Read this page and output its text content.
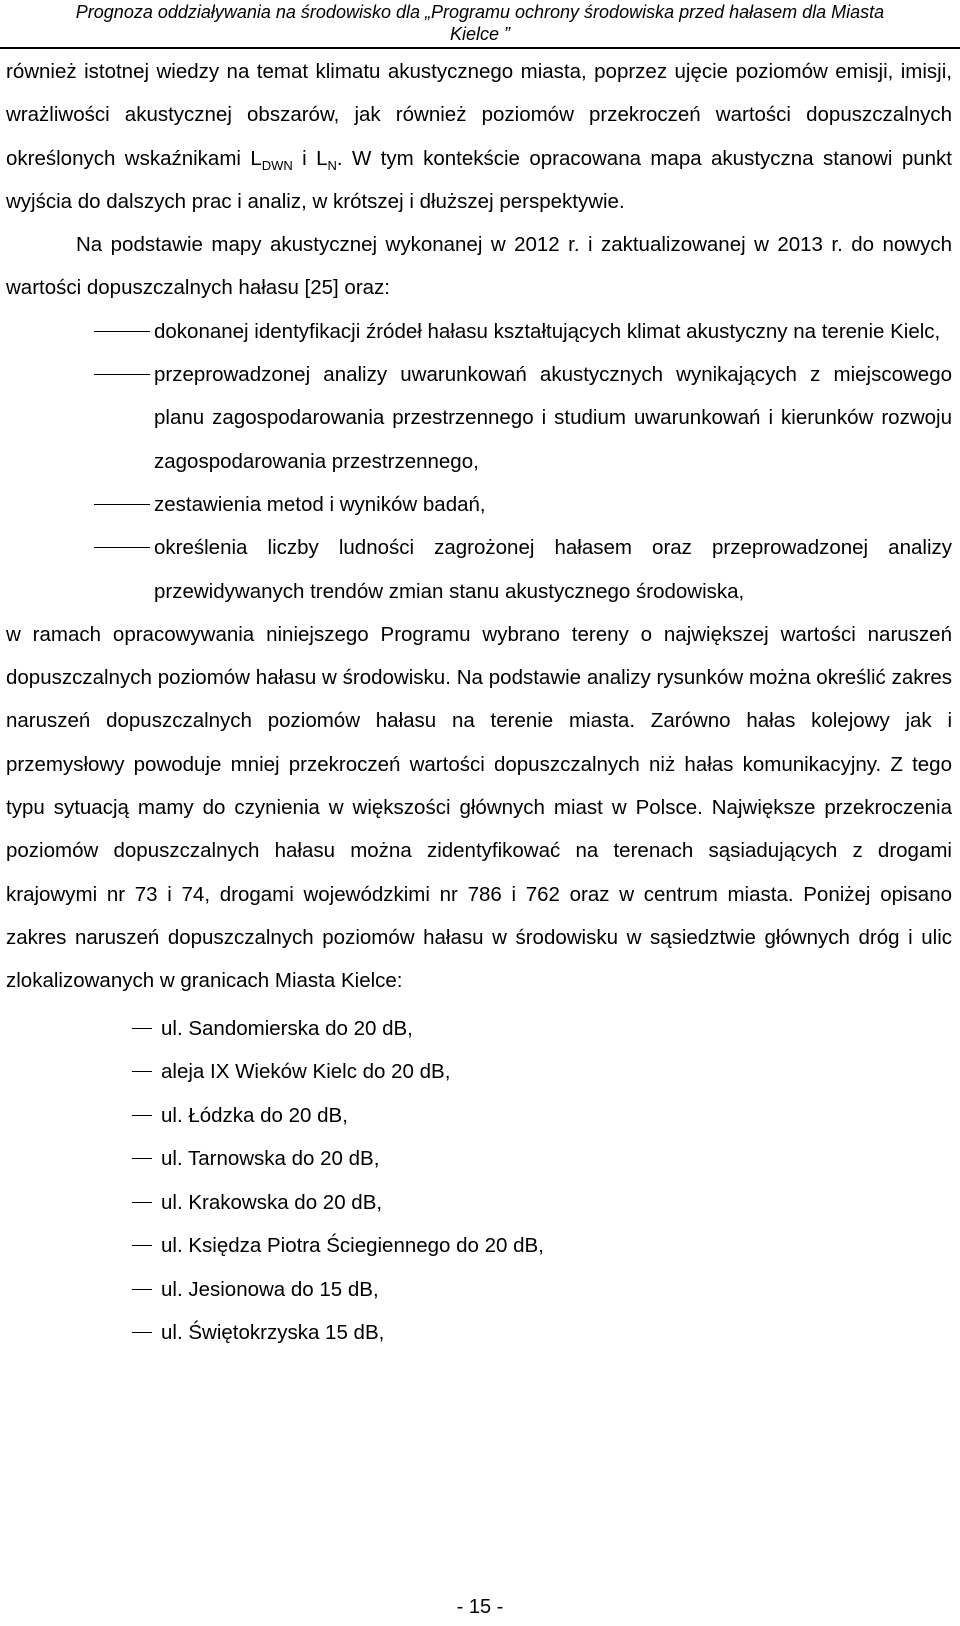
Prognoza oddziaływania na środowisko dla „Programu ochrony środowiska przed hałasem dla Miasta
Kielce ”

również istotnej wiedzy na temat klimatu akustycznego miasta, poprzez ujęcie poziomów emisji, imisji, wrażliwości akustycznej obszarów, jak również poziomów przekroczeń wartości dopuszczalnych określonych wskaźnikami $L_{DWN}$ i $L_N$. W tym kontekście opracowana mapa akustyczna stanowi punkt wyjścia do dalszych prac i analiz, w krótszej i dłuższej perspektywie.

Na podstawie mapy akustycznej wykonanej w 2012 r. i zaktualizowanej w 2013 r. do nowych wartości dopuszczalnych hałasu [25] oraz:

dokonanej identyfikacji źródeł hałasu kształtujących klimat akustyczny na terenie Kielc,
przeprowadzonej analizy uwarunkowań akustycznych wynikających z miejscowego planu zagospodarowania przestrzennego i studium uwarunkowań i kierunków rozwoju zagospodarowania przestrzennego,
zestawienia metod i wyników badań,
określenia liczby ludności zagrożonej hałasem oraz przeprowadzonej analizy przewidywanych trendów zmian stanu akustycznego środowiska,

w ramach opracowywania niniejszego Programu wybrano tereny o największej wartości naruszeń dopuszczalnych poziomów hałasu w środowisku. Na podstawie analizy rysunków można określić zakres naruszeń dopuszczalnych poziomów hałasu na terenie miasta. Zarówno hałas kolejowy jak i przemysłowy powoduje mniej przekroczeń wartości dopuszczalnych niż hałas komunikacyjny. Z tego typu sytuacją mamy do czynienia w większości głównych miast w Polsce. Największe przekroczenia poziomów dopuszczalnych hałasu można zidentyfikować na terenach sąsiadujących z drogami krajowymi nr 73 i 74, drogami wojewódzkimi nr 786 i 762 oraz w centrum miasta. Poniżej opisano zakres naruszeń dopuszczalnych poziomów hałasu w środowisku w sąsiedztwie głównych dróg i ulic zlokalizowanych w granicach Miasta Kielce:

ul. Sandomierska do 20 dB,
aleja IX Wieków Kielc do 20 dB,
ul. Łódzka do 20 dB,
ul. Tarnowska do 20 dB,
ul. Krakowska do 20 dB,
ul. Księdza Piotra Ściegiennego do 20 dB,
ul. Jesionowa do 15 dB,
ul. Świętokrzyska 15 dB,
- 15 -
